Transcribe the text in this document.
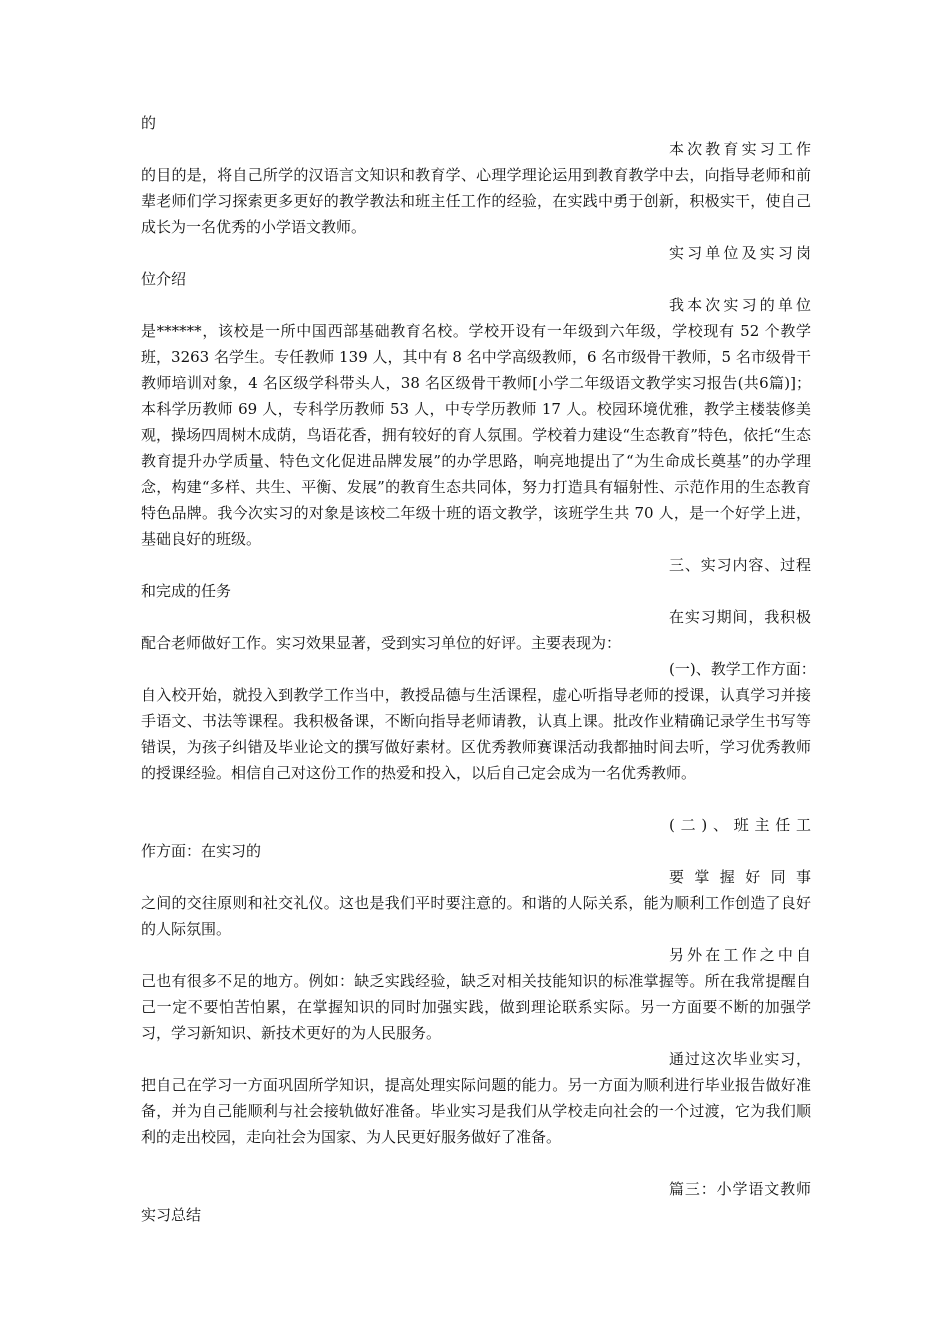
的

本次教育实习工作
的目的是，将自己所学的汉语言文知识和教育学、心理学理论运用到教育教学中去，向指导老师和前辈老师们学习探索更多更好的教学教法和班主任工作的经验，在实践中勇于创新，积极实干，使自己成长为一名优秀的小学语文教师。
实习单位及实习岗
位介绍
我本次实习的单位
是******，该校是一所中国西部基础教育名校。学校开设有一年级到六年级，学校现有 52 个教学班，3263 名学生。专任教师 139 人，其中有 8 名中学高级教师，6 名市级骨干教师，5 名市级骨干教师培训对象，4 名区级学科带头人，38 名区级骨干教师[小学二年级语文教学实习报告(共6篇)]；本科学历教师 69 人，专科学历教师 53 人，中专学历教师 17 人。校园环境优雅，教学主楼装修美观，操场四周树木成荫，鸟语花香，拥有较好的育人氛围。学校着力建设“生态教育”特色，依托“生态教育提升办学质量、特色文化促进品牌发展”的办学思路，响亮地提出了“为生命成长奠基”的办学理念，构建“多样、共生、平衡、发展”的教育生态共同体，努力打造具有辐射性、示范作用的生态教育特色品牌。我今次实习的对象是该校二年级十班的语文教学，该班学生共 70 人，是一个好学上进，基础良好的班级。
三、实习内容、过程
和完成的任务
在实习期间，我积极
配合老师做好工作。实习效果显著，受到实习单位的好评。主要表现为：
(一)、教学工作方面：
自入校开始，就投入到教学工作当中，教授品德与生活课程，虚心听指导老师的授课，认真学习并接手语文、书法等课程。我积极备课，不断向指导老师请教，认真上课。批改作业精确记录学生书写等错误，为孩子纠错及毕业论文的撰写做好素材。区优秀教师赛课活动我都抽时间去听，学习优秀教师的授课经验。相信自己对这份工作的热爱和投入，以后自己定会成为一名优秀教师。
(二)、班主任工
作方面：在实习的
要掌握好同事
之间的交往原则和社交礼仪。这也是我们平时要注意的。和谐的人际关系，能为顺利工作创造了良好的人际氛围。
另外在工作之中自
己也有很多不足的地方。例如：缺乏实践经验，缺乏对相关技能知识的标准掌握等。所在我常提醒自己一定不要怕苦怕累，在掌握知识的同时加强实践，做到理论联系实际。另一方面要不断的加强学习，学习新知识、新技术更好的为人民服务。
通过这次毕业实习，
把自己在学习一方面巩固所学知识，提高处理实际问题的能力。另一方面为顺利进行毕业报告做好准备，并为自己能顺利与社会接轨做好准备。毕业实习是我们从学校走向社会的一个过渡，它为我们顺利的走出校园，走向社会为国家、为人民更好服务做好了准备。
篇三：小学语文教师
实习总结
